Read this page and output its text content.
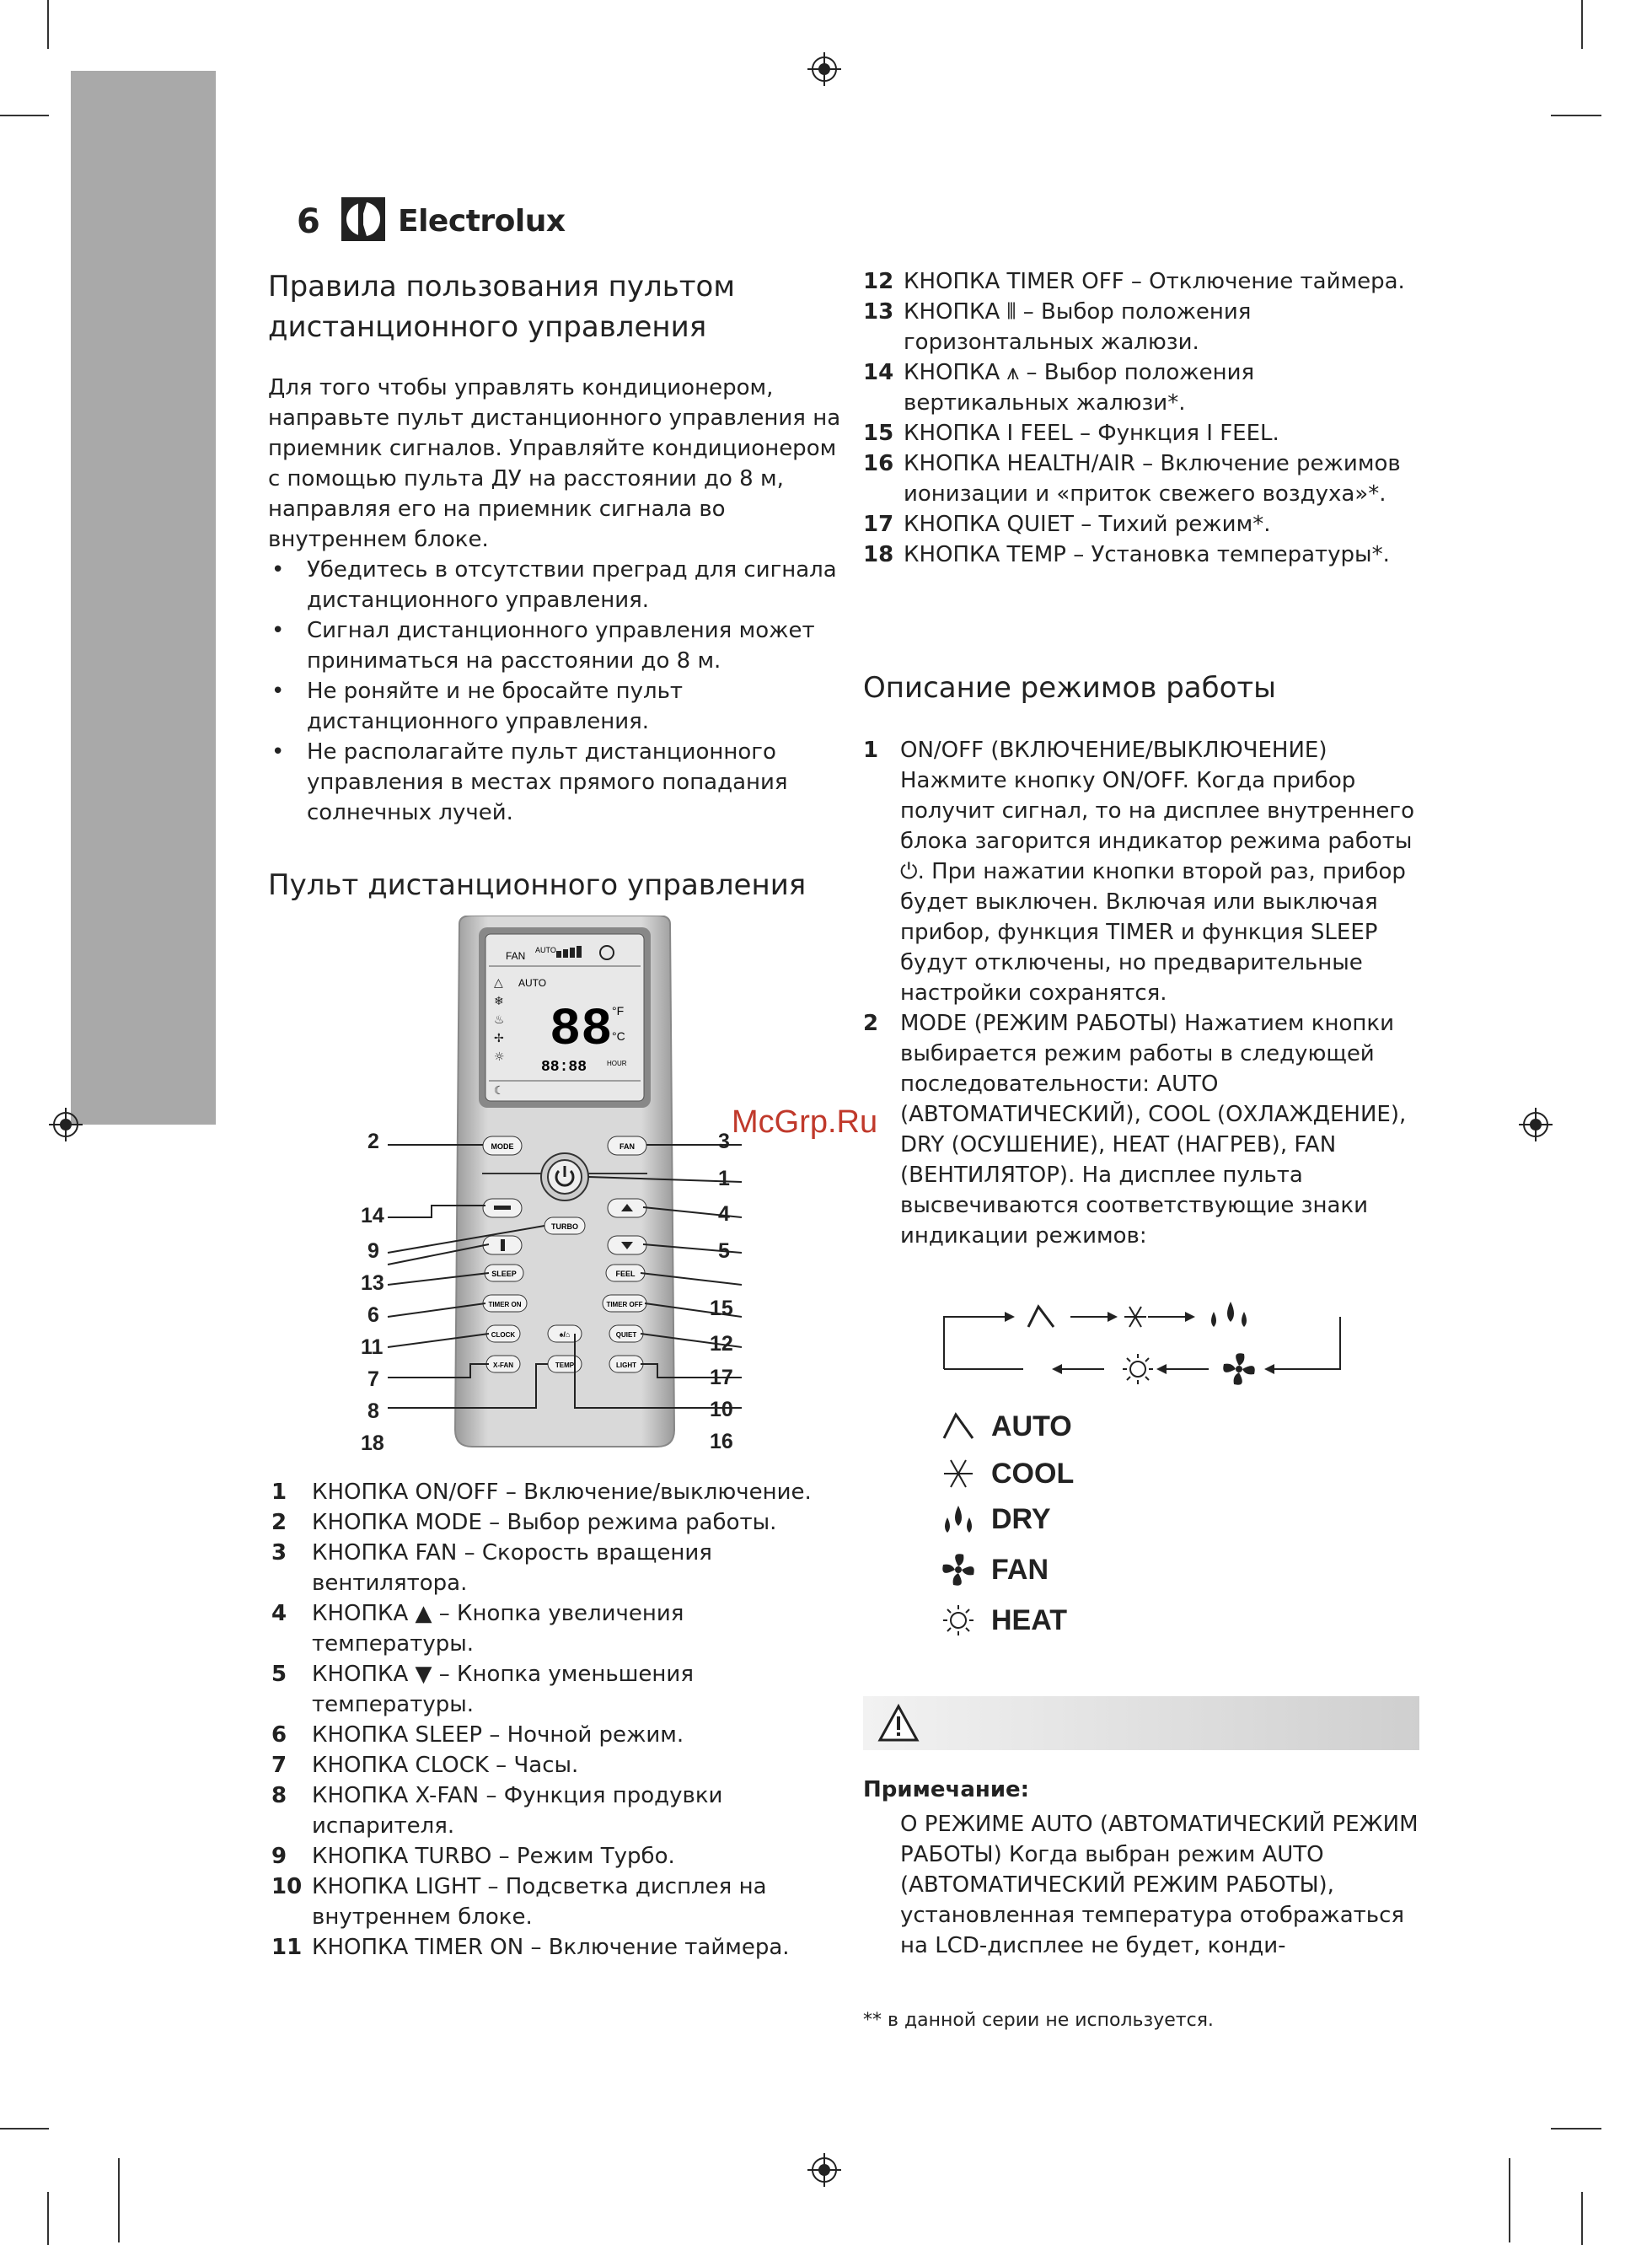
6	Electrolux
Правила пользования пультом дистанционного управления

Для того чтобы управлять кондиционером, направьте пульт дистанционного управления на приемник сигналов. Управляйте кондиционером с помощью пульта ДУ на расстоянии до 8 м, направляя его на приемник сигнала во внутреннем блоке.

• Убедитесь в отсутствии преград для сигнала дистанционного управления.
• Сигнал дистанционного управления может приниматься на расстоянии до 8 м.
• Не роняйте и не бросайте пульт дистанционного управления.
• Не располагайте пульт дистанционного управления в местах прямого попадания солнечных лучей.
Пульт дистанционного управления
FAN AUTO
AUTO
88 °F
°C
88:88	HOUR
△
❄
♨
✢
☼
☾
MODE	FAN
TURBO
SLEEP	FEEL
TIMER ON	TIMER OFF
CLOCK	♠/⌂	QUIET
X-FAN	TEMP	LIGHT
2
14
9
13
6
11
7
8
18
3
1
4
5
15
12
17
10
16
1 КНОПКА ON/OFF – Включение/выключение.
2 КНОПКА MODE – Выбор режима работы.
3 КНОПКА FAN – Скорость вращения вентилятора.
4 КНОПКА ▲ – Кнопка увеличения температуры.
5 КНОПКА ▼ – Кнопка уменьшения температуры.
6 КНОПКА SLEEP – Ночной режим.
7 КНОПКА CLOCK – Часы.
8 КНОПКА X-FAN – Функция продувки испарителя.
9 КНОПКА TURBO – Режим Турбо.
10 КНОПКА LIGHT – Подсветка дисплея на внутреннем блоке.
11 КНОПКА TIMER ON – Включение таймера.
12 КНОПКА TIMER OFF – Отключение таймера.
13 КНОПКА ⫴ – Выбор положения горизонтальных жалюзи.
14 КНОПКА ⩚ – Выбор положения вертикальных жалюзи*.
15 КНОПКА I FEEL – Функция I FEEL.
16 КНОПКА HEALTH/AIR – Включение режимов ионизации и «приток свежего воздуха»*.
17 КНОПКА QUIET – Тихий режим*.
18 КНОПКА TEMP – Установка температуры*.
Описание режимов работы
1 ON/OFF (ВКЛЮЧЕНИЕ/ВЫКЛЮЧЕНИЕ) Нажмите кнопку ON/OFF. Когда прибор получит сигнал, то на дисплее внутреннего блока загорится индикатор режима работы ⏻. При нажатии кнопки второй раз, прибор будет выключен. Включая или выключая прибор, функция TIMER и функция SLEEP будут отключены, но предварительные настройки сохранятся.
2 MODE (РЕЖИМ РАБОТЫ) Нажатием кнопки выбирается режим работы в следующей последовательности: AUTO (АВТОМАТИЧЕСКИЙ), COOL (ОХЛАЖДЕНИЕ), DRY (ОСУШЕНИЕ), HEAT (НАГРЕВ), FAN (ВЕНТИЛЯТОР). На дисплее пульта высвечиваются соответствующие знаки индикации режимов:
AUTO
COOL
DRY
FAN
HEAT
Примечание:
О РЕЖИМЕ AUTO (АВТОМАТИЧЕСКИЙ РЕЖИМ РАБОТЫ) Когда выбран режим AUTO (АВТОМАТИЧЕСКИЙ РЕЖИМ РАБОТЫ), установленная температура отображаться на LCD-дисплее не будет, конди-
** в данной серии не используется.
McGrp.Ru
